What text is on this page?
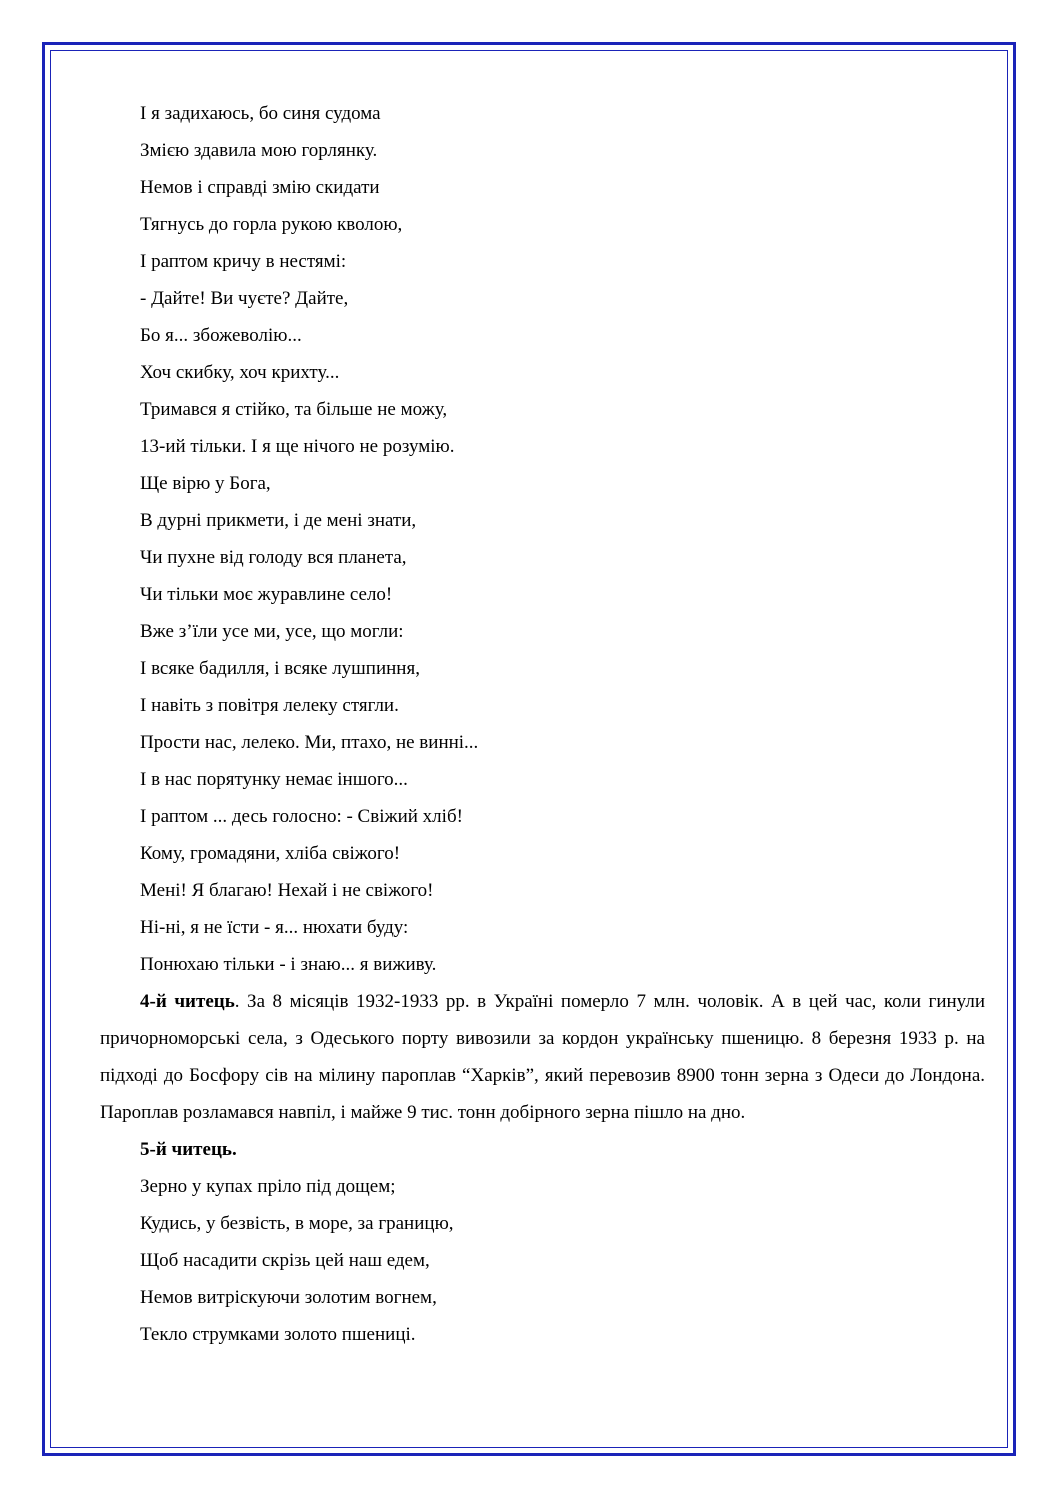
І я задихаюсь, бо синя судома
Змією здавила мою горлянку.
Немов і справді змію скидати
Тягнусь до горла рукою кволою,
І раптом кричу в нестямі:
- Дайте! Ви чуєте? Дайте,
Бо я... збожеволію...
Хоч скибку, хоч крихту...
Тримався я стійко, та більше не можу,
13-ий тільки. І я ще нічого не розумію.
Ще вірю у Бога,
В дурні прикмети, і де мені знати,
Чи пухне від голоду вся планета,
Чи тільки моє журавлине село!
Вже з’їли усе ми, усе, що могли:
І всяке бадилля, і всяке лушпиння,
І навіть з повітря лелеку стягли.
Прости нас, лелеко. Ми, птахо, не винні...
І в нас порятунку немає іншого...
І раптом ... десь голосно: - Свіжий хліб!
Кому, громадяни, хліба свіжого!
Мені! Я благаю! Нехай і не свіжого!
Ні-ні, я не їсти - я... нюхати буду:
Понюхаю тільки - і знаю... я виживу.

4-й читець. За 8 місяців 1932-1933 рр. в Україні померло 7 млн. чоловік. А в цей час, коли гинули причорноморські села, з Одеського порту вивозили за кордон українську пшеницю. 8 березня 1933 р. на підході до Босфору сів на мілину пароплав “Харків”, який перевозив 8900 тонн зерна з Одеси до Лондона. Пароплав розламався навпіл, і майже 9 тис. тонн добірного зерна пішло на дно.

5-й читець.
Зерно у купах пріло під дощем;
Кудись, у безвість, в море, за границю,
Щоб насадити скрізь цей наш едем,
Немов витріскуючи золотим вогнем,
Текло струмками золото пшениці.
